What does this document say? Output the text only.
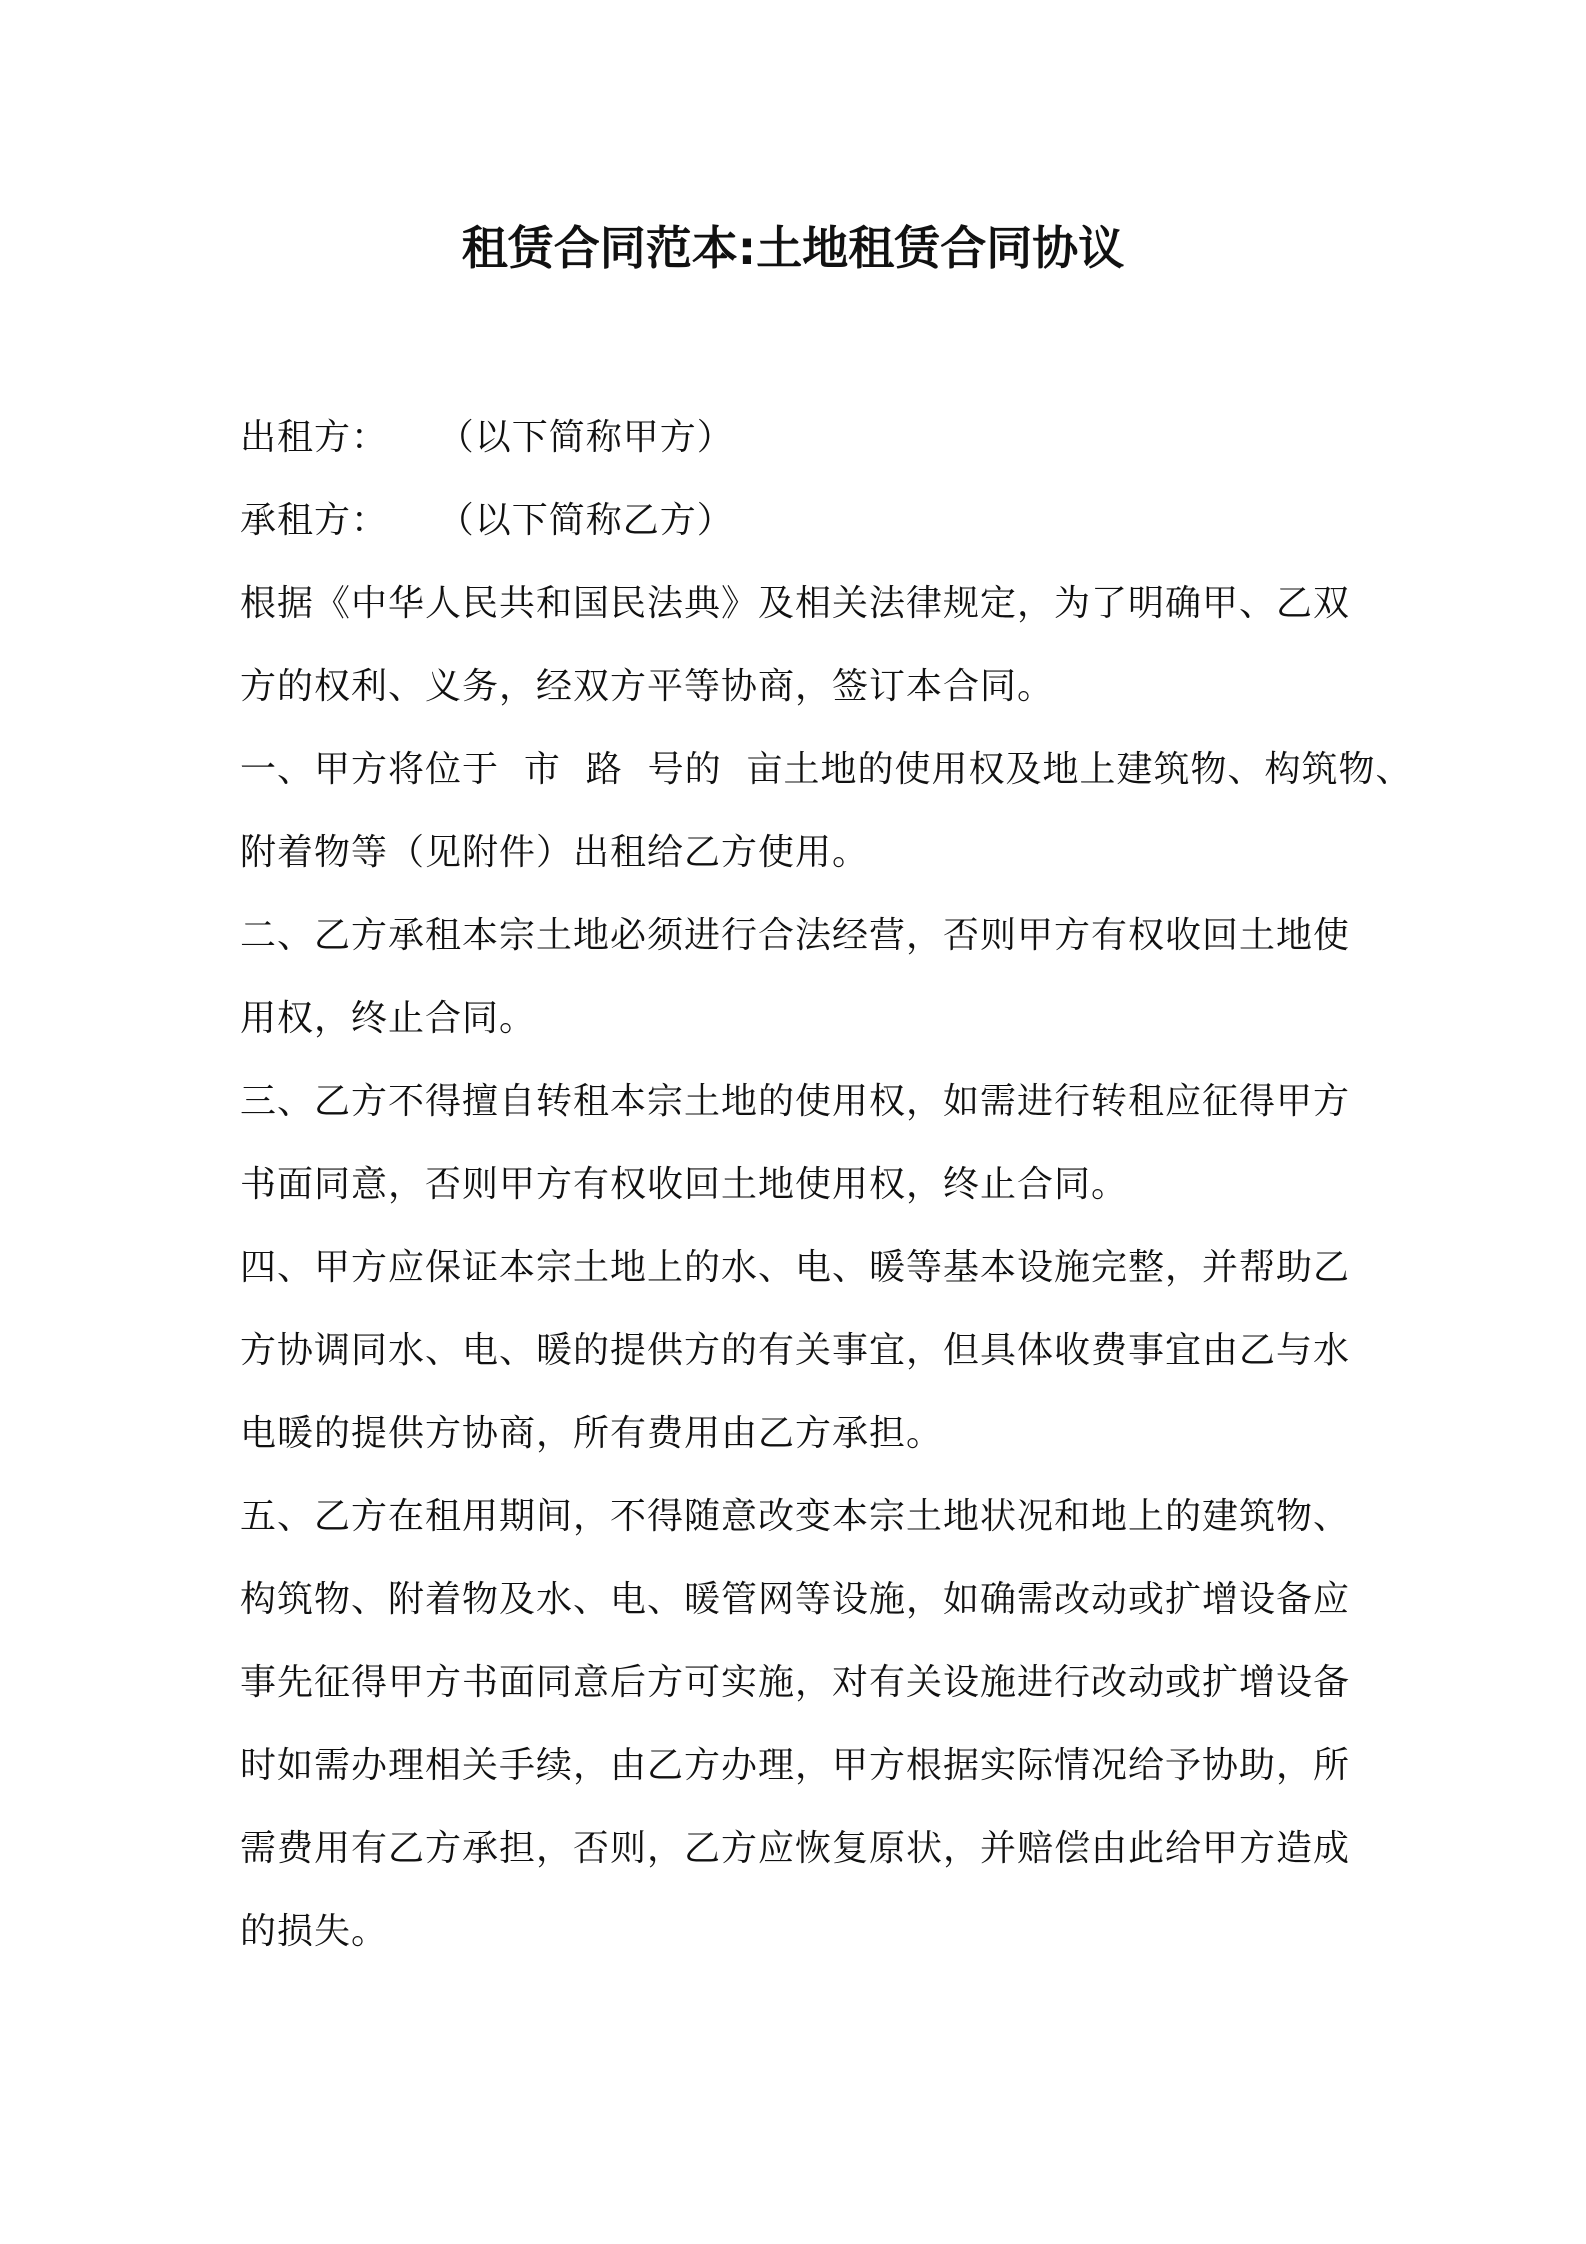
租赁合同范本:土地租赁合同协议
出租方：    （以下简称甲方）
承租方：    （以下简称乙方）
根据《中华人民共和国民法典》及相关法律规定，为了明确甲、乙双
方的权利、义务，经双方平等协商，签订本合同。
一、甲方将位于  市  路  号的  亩土地的使用权及地上建筑物、构筑物、
附着物等（见附件）出租给乙方使用。
二、乙方承租本宗土地必须进行合法经营，否则甲方有权收回土地使
用权，终止合同。
三、乙方不得擅自转租本宗土地的使用权，如需进行转租应征得甲方
书面同意，否则甲方有权收回土地使用权，终止合同。
四、甲方应保证本宗土地上的水、电、暖等基本设施完整，并帮助乙
方协调同水、电、暖的提供方的有关事宜，但具体收费事宜由乙与水
电暖的提供方协商，所有费用由乙方承担。
五、乙方在租用期间，不得随意改变本宗土地状况和地上的建筑物、
构筑物、附着物及水、电、暖管网等设施，如确需改动或扩增设备应
事先征得甲方书面同意后方可实施，对有关设施进行改动或扩增设备
时如需办理相关手续，由乙方办理，甲方根据实际情况给予协助，所
需费用有乙方承担，否则，乙方应恢复原状，并赔偿由此给甲方造成
的损失。
